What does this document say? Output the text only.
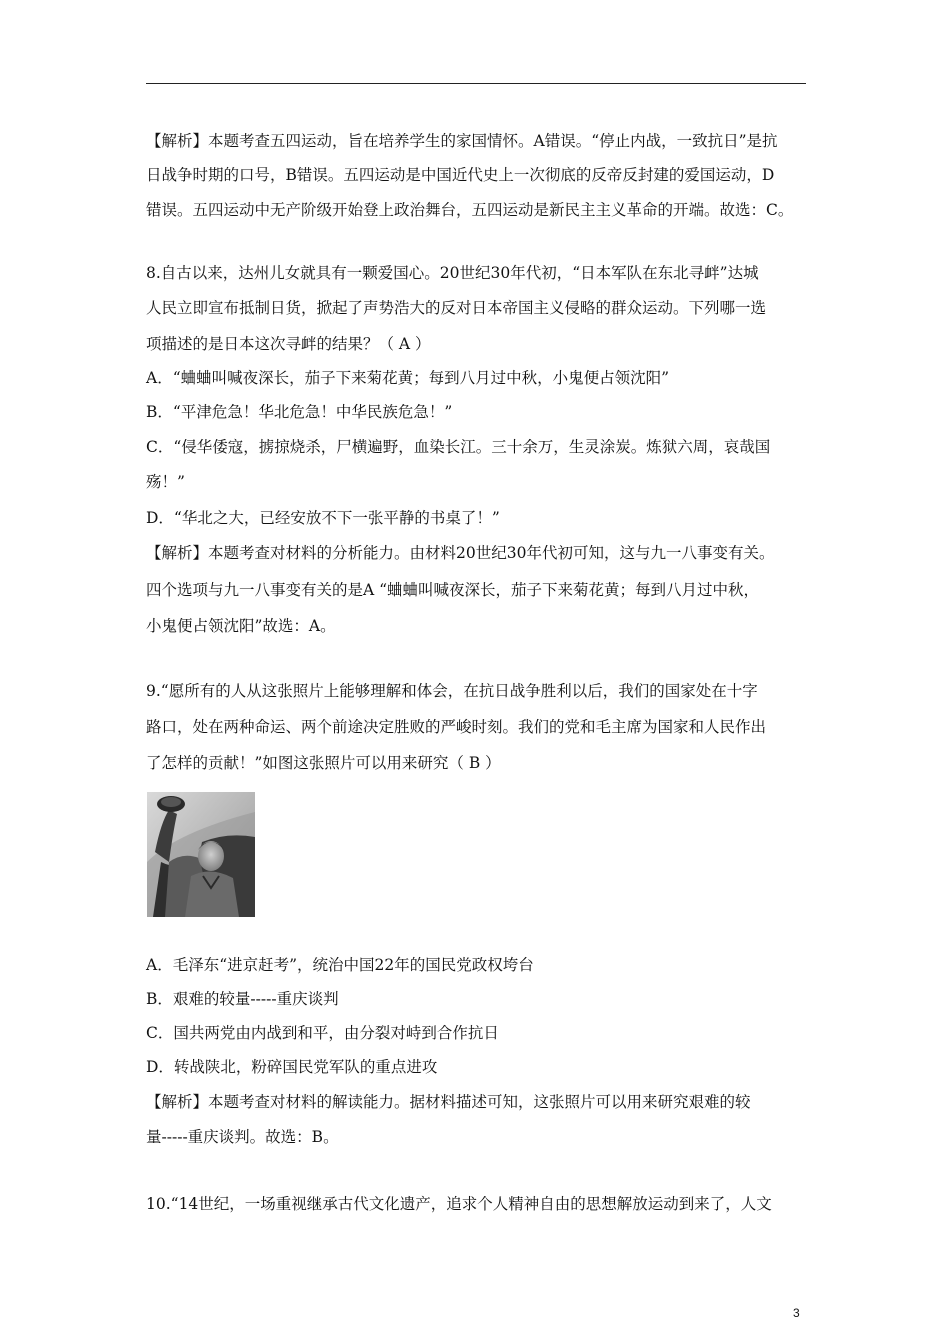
【解析】本题考查五四运动，旨在培养学生的家国情怀。A错误。“停止内战，一致抗日”是抗
日战争时期的口号，B错误。五四运动是中国近代史上一次彻底的反帝反封建的爱国运动，D
错误。五四运动中无产阶级开始登上政治舞台，五四运动是新民主主义革命的开端。故选：C。
8.自古以来，达州儿女就具有一颗爱国心。20世纪30年代初，“日本军队在东北寻衅”达城
人民立即宣布抵制日货，掀起了声势浩大的反对日本帝国主义侵略的群众运动。下列哪一选
项描述的是日本这次寻衅的结果？（ A ）
A．“蛐蛐叫喊夜深长，茄子下来菊花黄；每到八月过中秋，小鬼便占领沈阳”
B．“平津危急！华北危急！中华民族危急！”
C．“侵华倭寇，掳掠烧杀，尸横遍野，血染长江。三十余万，生灵涂炭。炼狱六周，哀哉国
殇！”
D．“华北之大，已经安放不下一张平静的书桌了！”
【解析】本题考查对材料的分析能力。由材料20世纪30年代初可知，这与九一八事变有关。
四个选项与九一八事变有关的是A “蛐蛐叫喊夜深长，茄子下来菊花黄；每到八月过中秋，
小鬼便占领沈阳”故选：A。
9.“愿所有的人从这张照片上能够理解和体会，在抗日战争胜利以后，我们的国家处在十字
路口，处在两种命运、两个前途决定胜败的严峻时刻。我们的党和毛主席为国家和人民作出
了怎样的贡献！”如图这张照片可以用来研究（ B ）
A．毛泽东“进京赶考”，统治中国22年的国民党政权垮台
B．艰难的较量-----重庆谈判
C．国共两党由内战到和平，由分裂对峙到合作抗日
D．转战陕北，粉碎国民党军队的重点进攻
【解析】本题考查对材料的解读能力。据材料描述可知，这张照片可以用来研究艰难的较
量-----重庆谈判。故选：B。
10.“14世纪，一场重视继承古代文化遗产，追求个人精神自由的思想解放运动到来了，人文
3
